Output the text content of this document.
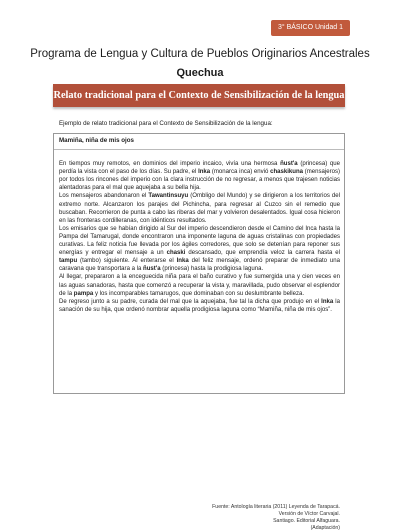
3° BÁSICO Unidad 1
Programa de Lengua y Cultura de Pueblos Originarios Ancestrales
Quechua
Relato tradicional para el Contexto de Sensibilización de la lengua
Ejemplo de relato tradicional para el Contexto de Sensibilización de la lengua:
Mamiña, niña de mis ojos

En tiempos muy remotos, en dominios del imperio incaico, vivía una hermosa ñust'a (princesa) que perdía la vista con el paso de los días. Su padre, el Inka (monarca inca) envió chaskikuna (mensajeros) por todos los rincones del imperio con la clara instrucción de no regresar, a menos que trajesen noticias alentadoras para el mal que aquejaba a su bella hija.

Los mensajeros abandonaron el Tawantinsuyu (Ombligo del Mundo) y se dirigieron a los territorios del extremo norte. Alcanzaron los parajes del Pichincha, para regresar al Cuzco sin el remedio que buscaban. Recorrieron de punta a cabo las riberas del mar y volvieron desalentados. Igual cosa hicieron en las fronteras cordilleranas, con idénticos resultados.

Los emisarios que se habían dirigido al Sur del imperio descendieron desde el Camino del Inca hasta la Pampa del Tamarugal, donde encontraron una imponente laguna de aguas cristalinas con propiedades curativas. La feliz noticia fue llevada por los ágiles corredores, que solo se detenían para reponer sus energías y entregar el mensaje a un chaski descansado, que emprendía veloz la carrera hasta el tampu (tambo) siguiente. Al enterarse el Inka del feliz mensaje, ordenó preparar de inmediato una caravana que transportara a la ñust'a (princesa) hasta la prodigiosa laguna.

Al llegar, prepararon a la enceguecida niña para el baño curativo y fue sumergida una y cien veces en las aguas sanadoras, hasta que comenzó a recuperar la vista y, maravillada, pudo observar el esplendor de la pampa y los incomparables tamarugos, que dominaban con su deslumbrante belleza.

De regreso junto a su padre, curada del mal que la aquejaba, fue tal la dicha que produjo en el Inka la sanación de su hija, que ordenó nombrar aquella prodigiosa laguna como “Mamiña, niña de mis ojos”.

Fuente: Antología literaria (2011) Leyenda de Tarapacá.
Versión de Víctor Carvajal.
Santiago. Editorial Alfaguara.
(Adaptación)
